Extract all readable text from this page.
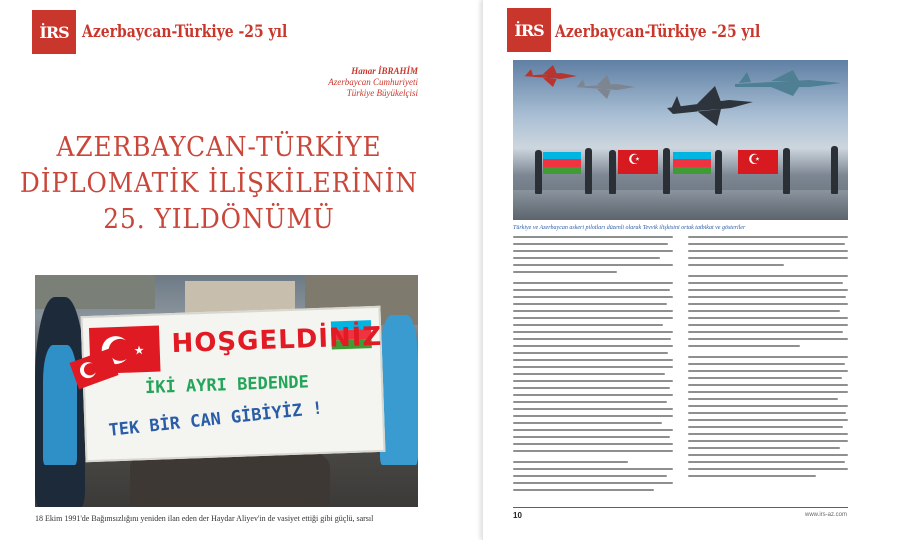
İRS Azerbaycan-Türkiye -25 yıl
Hanar İBRAHİM
Azerbaycan Cumhuriyeti
Türkiye Büyükelçisi
AZERBAYCAN-TÜRKİYE
DİPLOMATİK İLİŞKİLERİNİN
25. YILDÖNÜMÜ
★ HOŞGELDİNİZ
İKİ AYRI BEDENDE
TEK BİR CAN GİBİYİZ !
18 Ekim 1991'de Bağımsızlığını yeniden ilan eden der Haydar Aliyev'in de vasiyet ettiği gibi güçlü, sarsıl
İRS Azerbaycan-Türkiye -25 yıl
☪	☪
Türkiye ve Azerbaycan askeri pilotları düzenli olarak Tevvik ilişkisini ortak tatbikat ve gösteriler
10	www.irs-az.com
